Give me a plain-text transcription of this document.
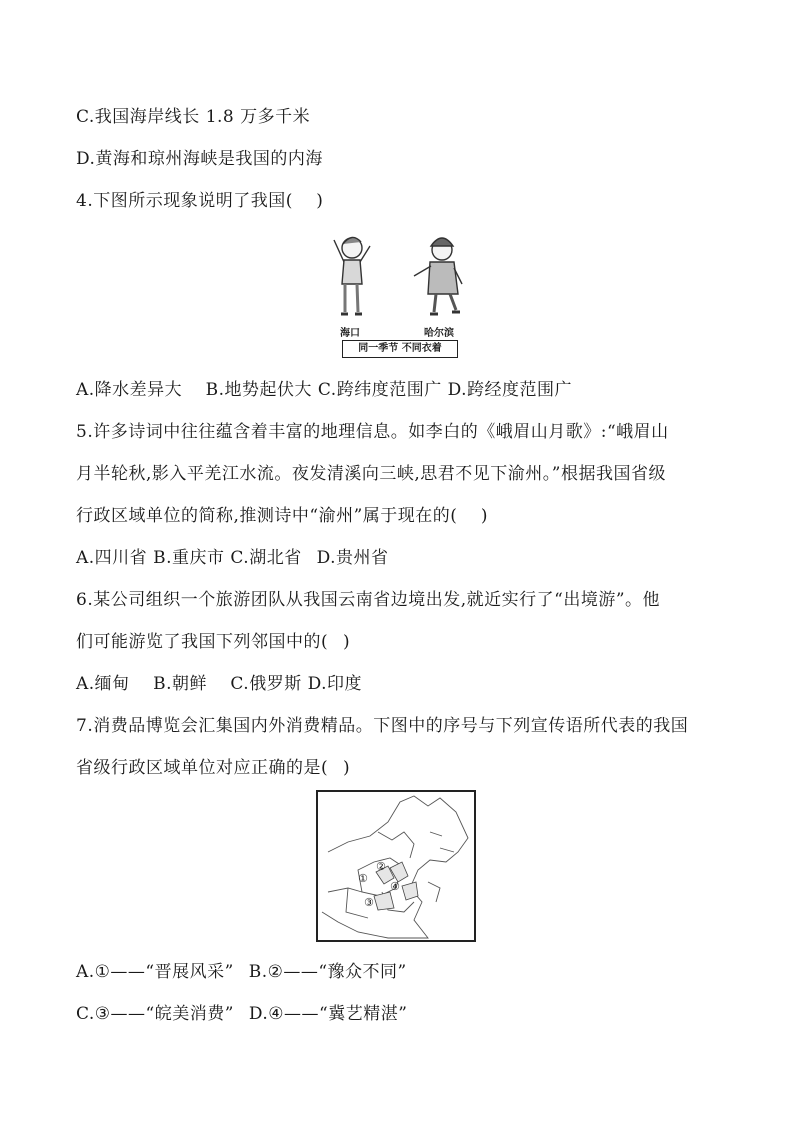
C.我国海岸线长 1.8 万多千米
D.黄海和琼州海峡是我国的内海
4.下图所示现象说明了我国(　 )
海口	哈尔滨
同一季节 不同衣着
A.降水差异大　 B.地势起伏大 C.跨纬度范围广 D.跨经度范围广
5.许多诗词中往往蕴含着丰富的地理信息。如李白的《峨眉山月歌》:“峨眉山
月半轮秋,影入平羌江水流。夜发清溪向三峡,思君不见下渝州。”根据我国省级
行政区域单位的简称,推测诗中“渝州”属于现在的(　 )
A.四川省 B.重庆市 C.湖北省  D.贵州省
6.某公司组织一个旅游团队从我国云南省边境出发,就近实行了“出境游”。他
们可能游览了我国下列邻国中的(  )
A.缅甸　 B.朝鲜　 C.俄罗斯 D.印度
7.消费品博览会汇集国内外消费精品。下图中的序号与下列宣传语所代表的我国
省级行政区域单位对应正确的是(  )
①
②
③
④
A.①——“晋展风采”  B.②——“豫众不同”
C.③——“皖美消费”  D.④——“冀艺精湛”
